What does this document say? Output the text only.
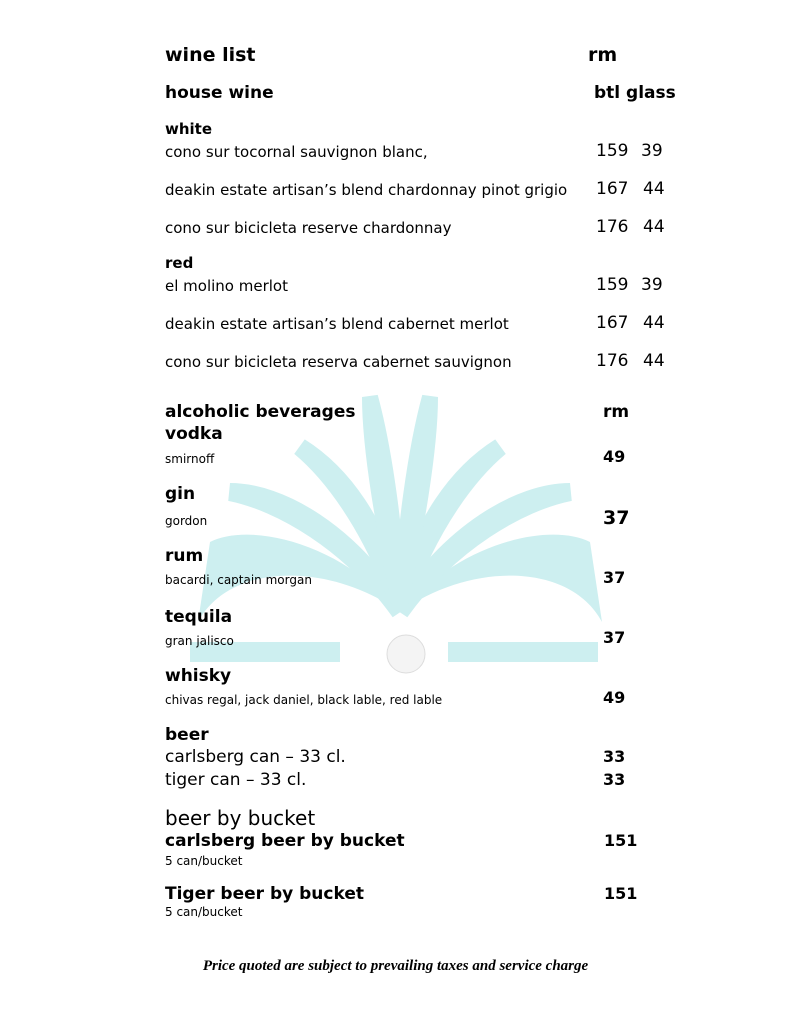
wine list	rm
house wine	btl glass
white
cono sur tocornal sauvignon blanc,	159 39
deakin estate artisan’s blend chardonnay pinot grigio 167 44
cono sur bicicleta reserve chardonnay	176 44
red
el molino merlot	159 39
deakin estate artisan’s blend cabernet merlot	167 44
cono sur bicicleta reserva cabernet sauvignon	176 44
alcoholic beverages	rm
vodka
smirnoff	49
gin
gordon	37
rum
bacardi, captain morgan	37
tequila
gran jalisco	37
whisky
chivas regal, jack daniel, black lable, red lable	49
beer
carlsberg can – 33 cl.	33
tiger can – 33 cl.	33
beer by bucket
carlsberg beer by bucket	151
5 can/bucket
Tiger beer by bucket	151
5 can/bucket
Price quoted are subject to prevailing taxes and service charge
